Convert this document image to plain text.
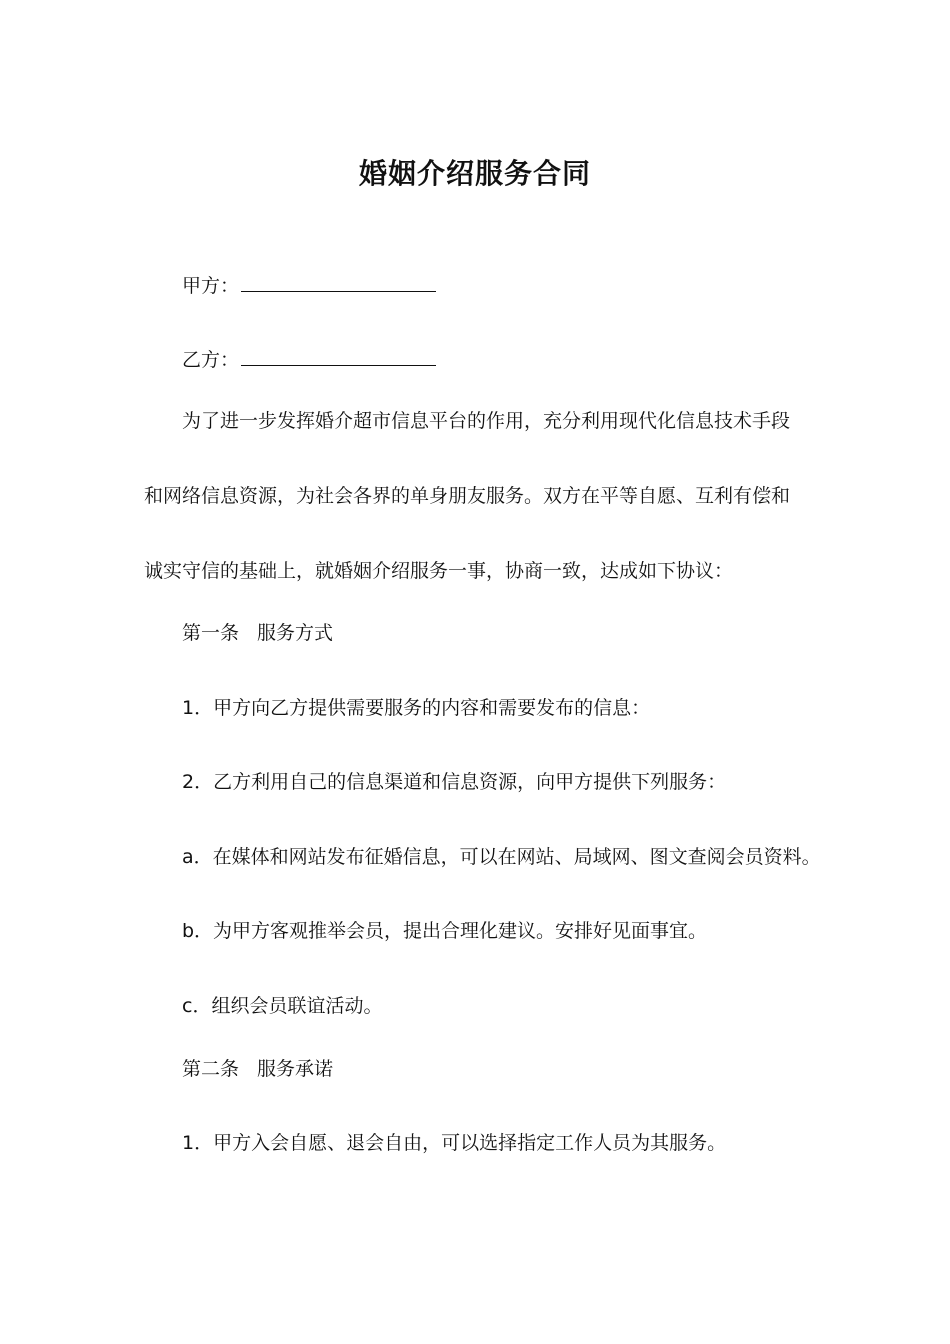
婚姻介绍服务合同
甲方：
乙方：
为了进一步发挥婚介超市信息平台的作用，充分利用现代化信息技术手段
和网络信息资源，为社会各界的单身朋友服务。双方在平等自愿、互利有偿和
诚实守信的基础上，就婚姻介绍服务一事，协商一致，达成如下协议：
第一条 服务方式
1．甲方向乙方提供需要服务的内容和需要发布的信息：
2．乙方利用自己的信息渠道和信息资源，向甲方提供下列服务：
a．在媒体和网站发布征婚信息，可以在网站、局域网、图文查阅会员资料。
b．为甲方客观推举会员，提出合理化建议。安排好见面事宜。
c．组织会员联谊活动。
第二条 服务承诺
1．甲方入会自愿、退会自由，可以选择指定工作人员为其服务。
